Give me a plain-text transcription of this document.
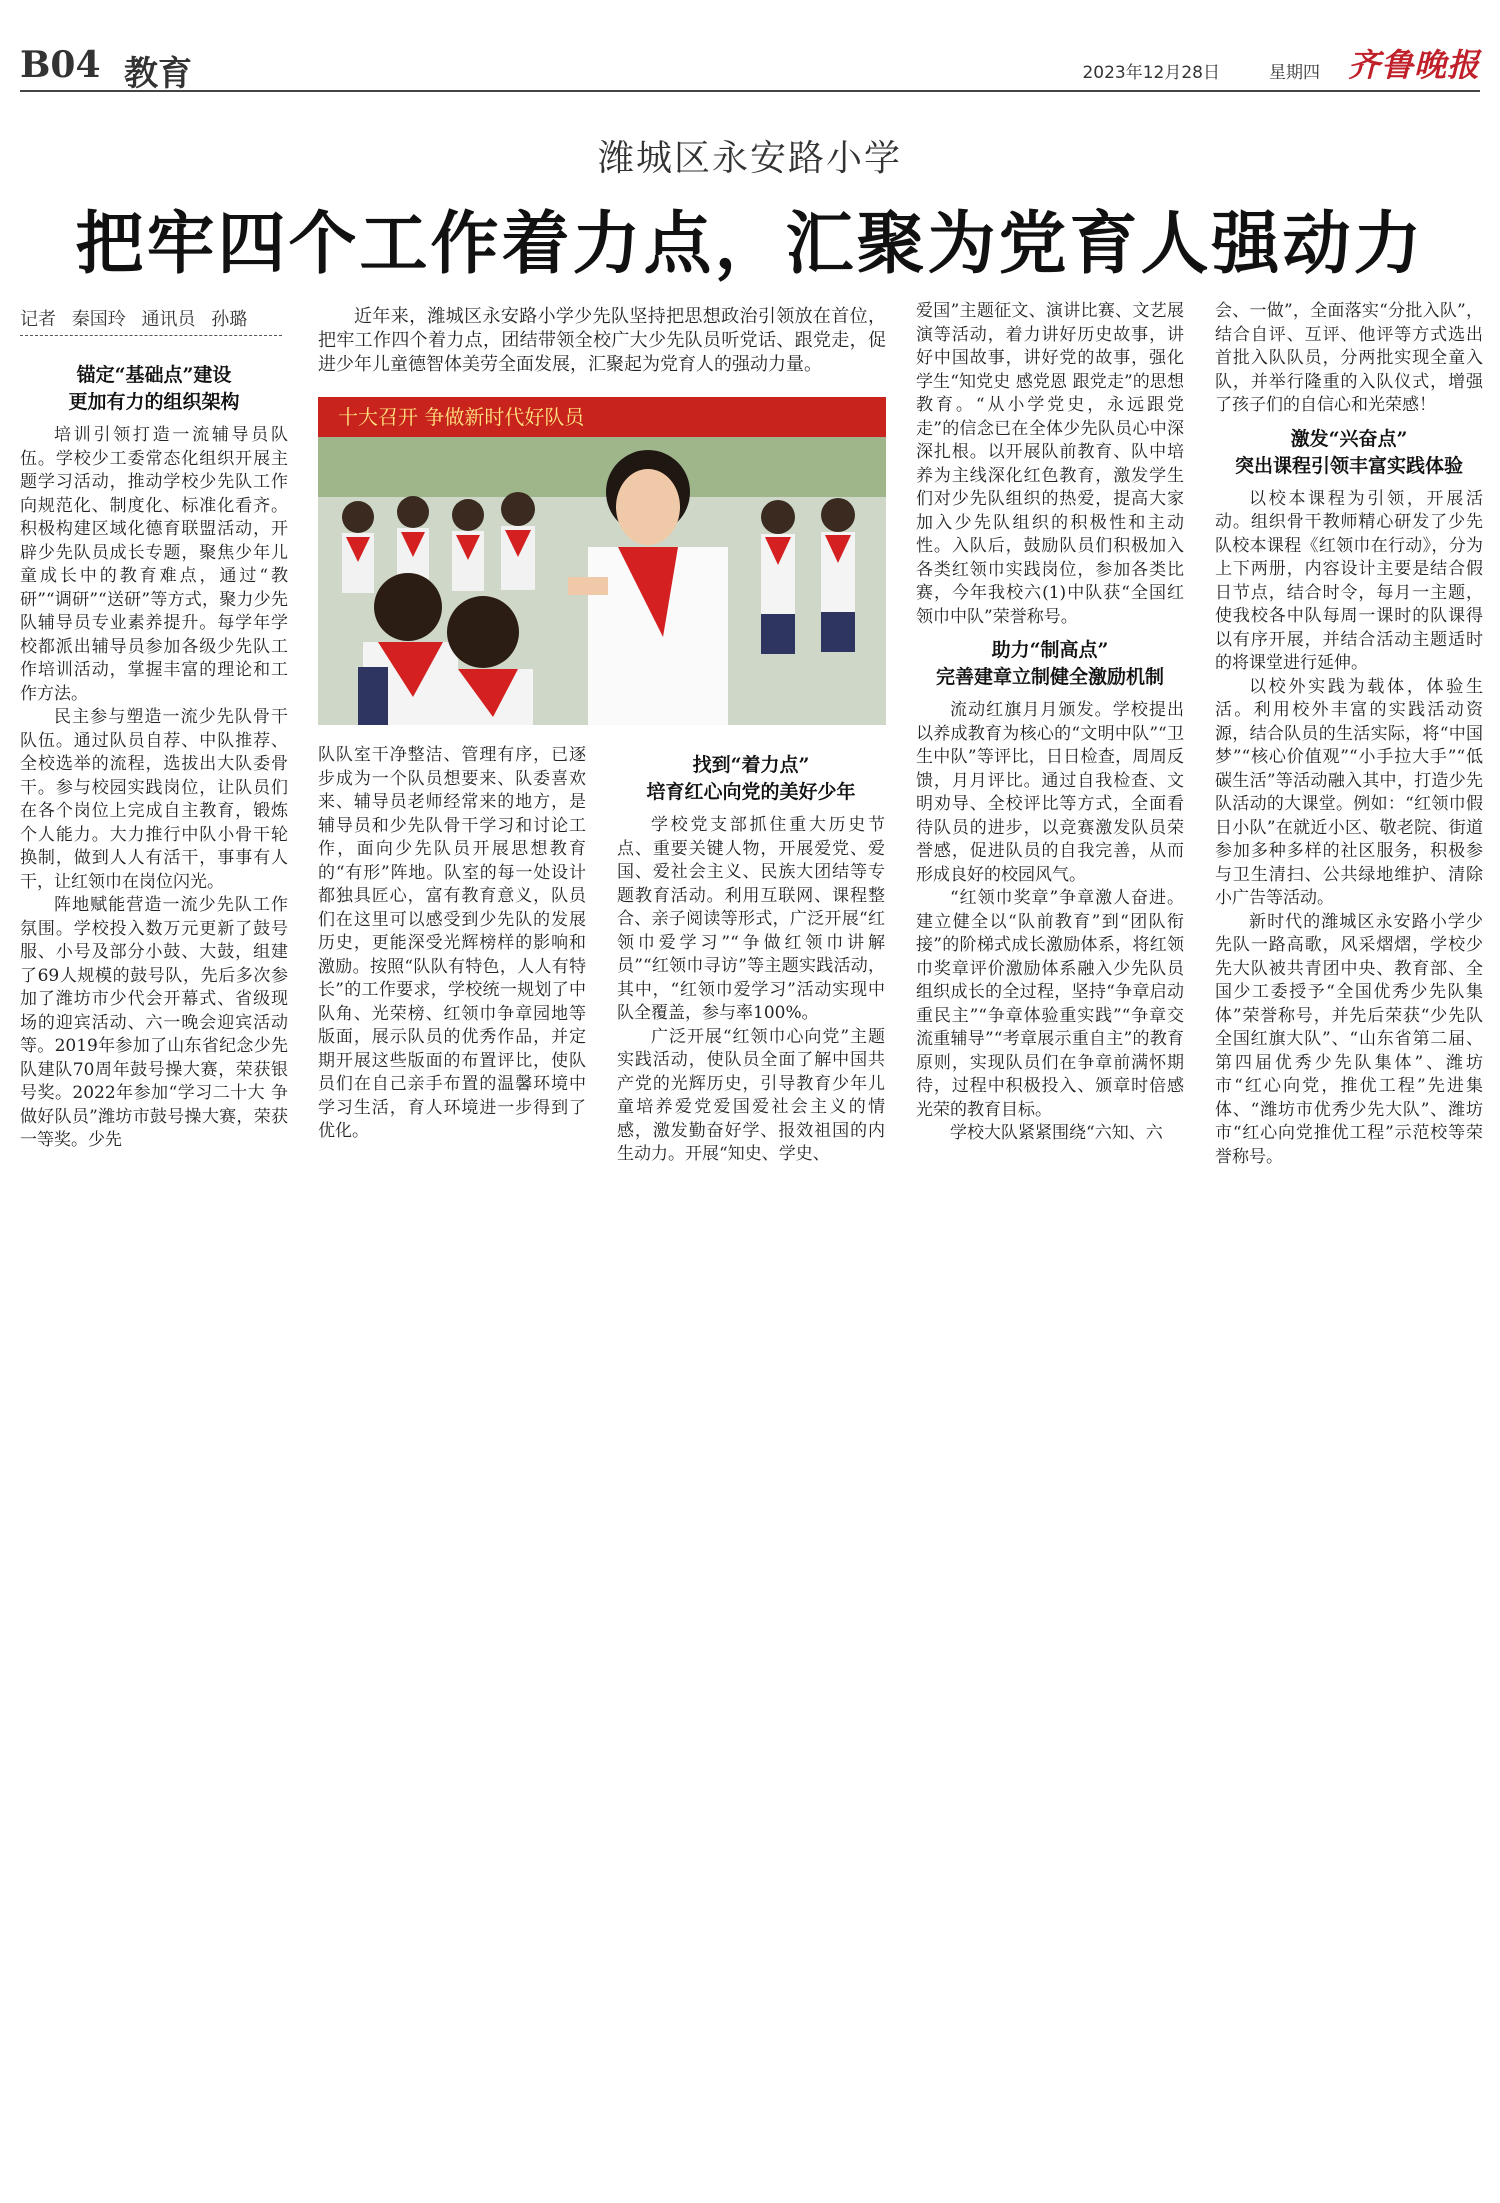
B04 教育	2023年12月28日	星期四 齐鲁晚报
潍城区永安路小学
把牢四个工作着力点，汇聚为党育人强动力
记者 秦国玲 通讯员 孙璐	近年来，潍城区永安路小学少先队坚持把思想政治引领放在首位，把牢工作四个着力点，团结带领全校广大少先队员听党话、跟党走，促进少年儿童德智体美劳全面发展，汇聚起为党育人的强动力量。
十大召开 争做新时代好队员
锚定“基础点”建设
更加有力的组织架构

培训引领打造一流辅导员队伍。学校少工委常态化组织开展主题学习活动，推动学校少先队工作向规范化、制度化、标准化看齐。积极构建区域化德育联盟活动，开辟少先队员成长专题，聚焦少年儿童成长中的教育难点，通过“教研”“调研”“送研”等方式，聚力少先队辅导员专业素养提升。每学年学校都派出辅导员参加各级少先队工作培训活动，掌握丰富的理论和工作方法。

民主参与塑造一流少先队骨干队伍。通过队员自荐、中队推荐、全校选举的流程，选拔出大队委骨干。参与校园实践岗位，让队员们在各个岗位上完成自主教育，锻炼个人能力。大力推行中队小骨干轮换制，做到人人有活干，事事有人干，让红领巾在岗位闪光。

阵地赋能营造一流少先队工作氛围。学校投入数万元更新了鼓号服、小号及部分小鼓、大鼓，组建了69人规模的鼓号队，先后多次参加了潍坊市少代会开幕式、省级现场的迎宾活动、六一晚会迎宾活动等。2019年参加了山东省纪念少先队建队70周年鼓号操大赛，荣获银号奖。2022年参加“学习二十大 争做好队员”潍坊市鼓号操大赛，荣获一等奖。少先

队队室干净整洁、管理有序，已逐步成为一个队员想要来、队委喜欢来、辅导员老师经常来的地方，是辅导员和少先队骨干学习和讨论工作，面向少先队员开展思想教育的“有形”阵地。队室的每一处设计都独具匠心，富有教育意义，队员们在这里可以感受到少先队的发展历史，更能深受光辉榜样的影响和激励。按照“队队有特色，人人有特长”的工作要求，学校统一规划了中队角、光荣榜、红领巾争章园地等版面，展示队员的优秀作品，并定期开展这些版面的布置评比，使队员们在自己亲手布置的温馨环境中学习生活，育人环境进一步得到了优化。

找到“着力点”
培育红心向党的美好少年

学校党支部抓住重大历史节点、重要关键人物，开展爱党、爱国、爱社会主义、民族大团结等专题教育活动。利用互联网、课程整合、亲子阅读等形式，广泛开展“红领巾爱学习”“争做红领巾讲解员”“红领巾寻访”等主题实践活动，其中，“红领巾爱学习”活动实现中队全覆盖，参与率100%。

广泛开展“红领巾心向党”主题实践活动，使队员全面了解中国共产党的光辉历史，引导教育少年儿童培养爱党爱国爱社会主义的情感，激发勤奋好学、报效祖国的内生动力。开展“知史、学史、

爱国”主题征文、演讲比赛、文艺展演等活动，着力讲好历史故事，讲好中国故事，讲好党的故事，强化学生“知党史 感党恩 跟党走”的思想教育。“从小学党史，永远跟党走”的信念已在全体少先队员心中深深扎根。以开展队前教育、队中培养为主线深化红色教育，激发学生们对少先队组织的热爱，提高大家加入少先队组织的积极性和主动性。入队后，鼓励队员们积极加入各类红领巾实践岗位，参加各类比赛，今年我校六(1)中队获“全国红领巾中队”荣誉称号。

助力“制高点”
完善建章立制健全激励机制

流动红旗月月颁发。学校提出以养成教育为核心的“文明中队”“卫生中队”等评比，日日检查，周周反馈，月月评比。通过自我检查、文明劝导、全校评比等方式，全面看待队员的进步，以竞赛激发队员荣誉感，促进队员的自我完善，从而形成良好的校园风气。

“红领巾奖章”争章激人奋进。建立健全以“队前教育”到“团队衔接”的阶梯式成长激励体系，将红领巾奖章评价激励体系融入少先队员组织成长的全过程，坚持“争章启动重民主”“争章体验重实践”“争章交流重辅导”“考章展示重自主”的教育原则，实现队员们在争章前满怀期待，过程中积极投入、颁章时倍感光荣的教育目标。

学校大队紧紧围绕“六知、六

会、一做”，全面落实“分批入队”，结合自评、互评、他评等方式选出首批入队队员，分两批实现全童入队，并举行隆重的入队仪式，增强了孩子们的自信心和光荣感！

激发“兴奋点”
突出课程引领丰富实践体验

以校本课程为引领，开展活动。组织骨干教师精心研发了少先队校本课程《红领巾在行动》，分为上下两册，内容设计主要是结合假日节点，结合时令，每月一主题，使我校各中队每周一课时的队课得以有序开展，并结合活动主题适时的将课堂进行延伸。

以校外实践为载体，体验生活。利用校外丰富的实践活动资源，结合队员的生活实际，将“中国梦”“核心价值观”“小手拉大手”“低碳生活”等活动融入其中，打造少先队活动的大课堂。例如：“红领巾假日小队”在就近小区、敬老院、街道参加多种多样的社区服务，积极参与卫生清扫、公共绿地维护、清除小广告等活动。

新时代的潍城区永安路小学少先队一路高歌，风采熠熠，学校少先大队被共青团中央、教育部、全国少工委授予“全国优秀少先队集体”荣誉称号，并先后荣获“少先队全国红旗大队”、“山东省第二届、第四届优秀少先队集体”、潍坊市“红心向党，推优工程”先进集体、“潍坊市优秀少先大队”、潍坊市“红心向党推优工程”示范校等荣誉称号。
